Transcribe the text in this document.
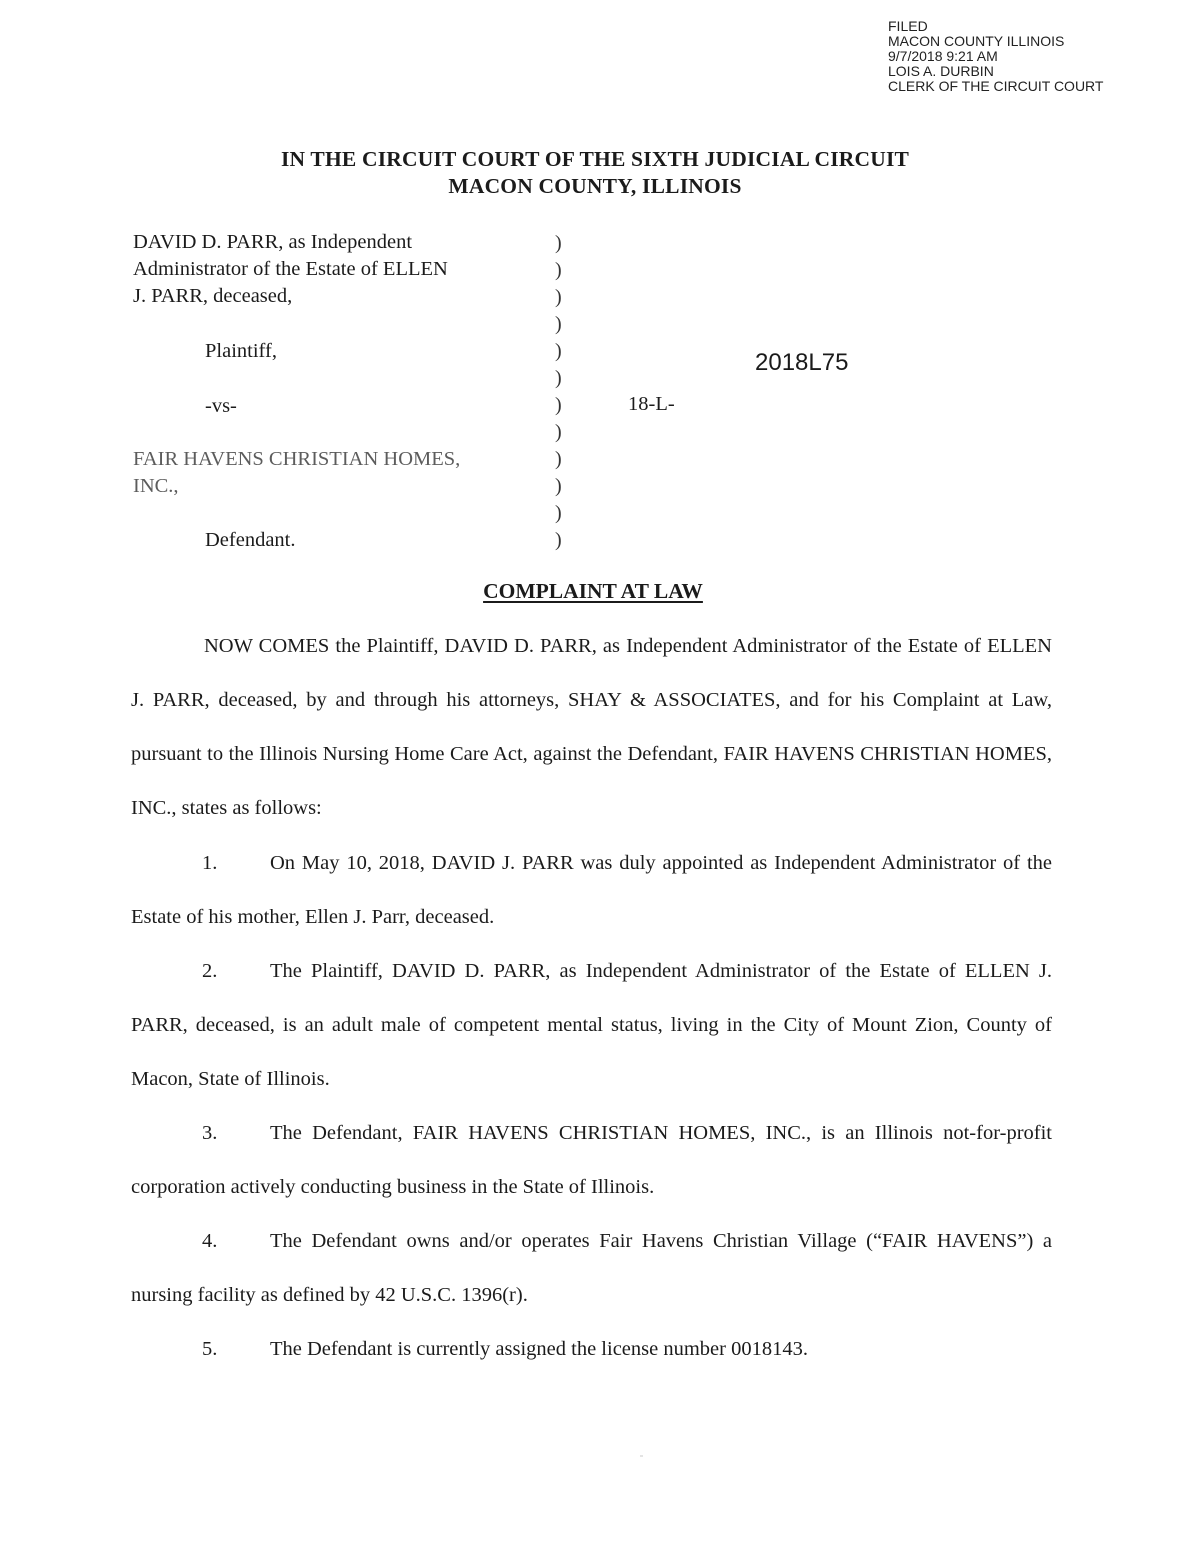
FILED
MACON COUNTY ILLINOIS
9/7/2018 9:21 AM
LOIS A. DURBIN
CLERK OF THE CIRCUIT COURT
IN THE CIRCUIT COURT OF THE SIXTH JUDICIAL CIRCUIT
MACON COUNTY, ILLINOIS
DAVID D. PARR, as Independent
Administrator of the Estate of ELLEN
J. PARR, deceased,
Plaintiff,
-vs-
FAIR HAVENS CHRISTIAN HOMES,
INC.,
Defendant.
)
)
)
)
)
)
)
)
)
)
)
)
2018L75
18-L-
COMPLAINT AT LAW

NOW COMES the Plaintiff, DAVID D. PARR, as Independent Administrator of the Estate of ELLEN J. PARR, deceased, by and through his attorneys, SHAY & ASSOCIATES, and for his Complaint at Law, pursuant to the Illinois Nursing Home Care Act, against the Defendant, FAIR HAVENS CHRISTIAN HOMES, INC., states as follows:

1.	On May 10, 2018, DAVID J. PARR was duly appointed as Independent Administrator of the Estate of his mother, Ellen J. Parr, deceased.

2.	The Plaintiff, DAVID D. PARR, as Independent Administrator of the Estate of ELLEN J. PARR, deceased, is an adult male of competent mental status, living in the City of Mount Zion, County of Macon, State of Illinois.

3.	The Defendant, FAIR HAVENS CHRISTIAN HOMES, INC., is an Illinois not-for-profit corporation actively conducting business in the State of Illinois.

4.	The Defendant owns and/or operates Fair Havens Christian Village (“FAIR HAVENS”) a nursing facility as defined by 42 U.S.C. 1396(r).

5.	The Defendant is currently assigned the license number 0018143.
